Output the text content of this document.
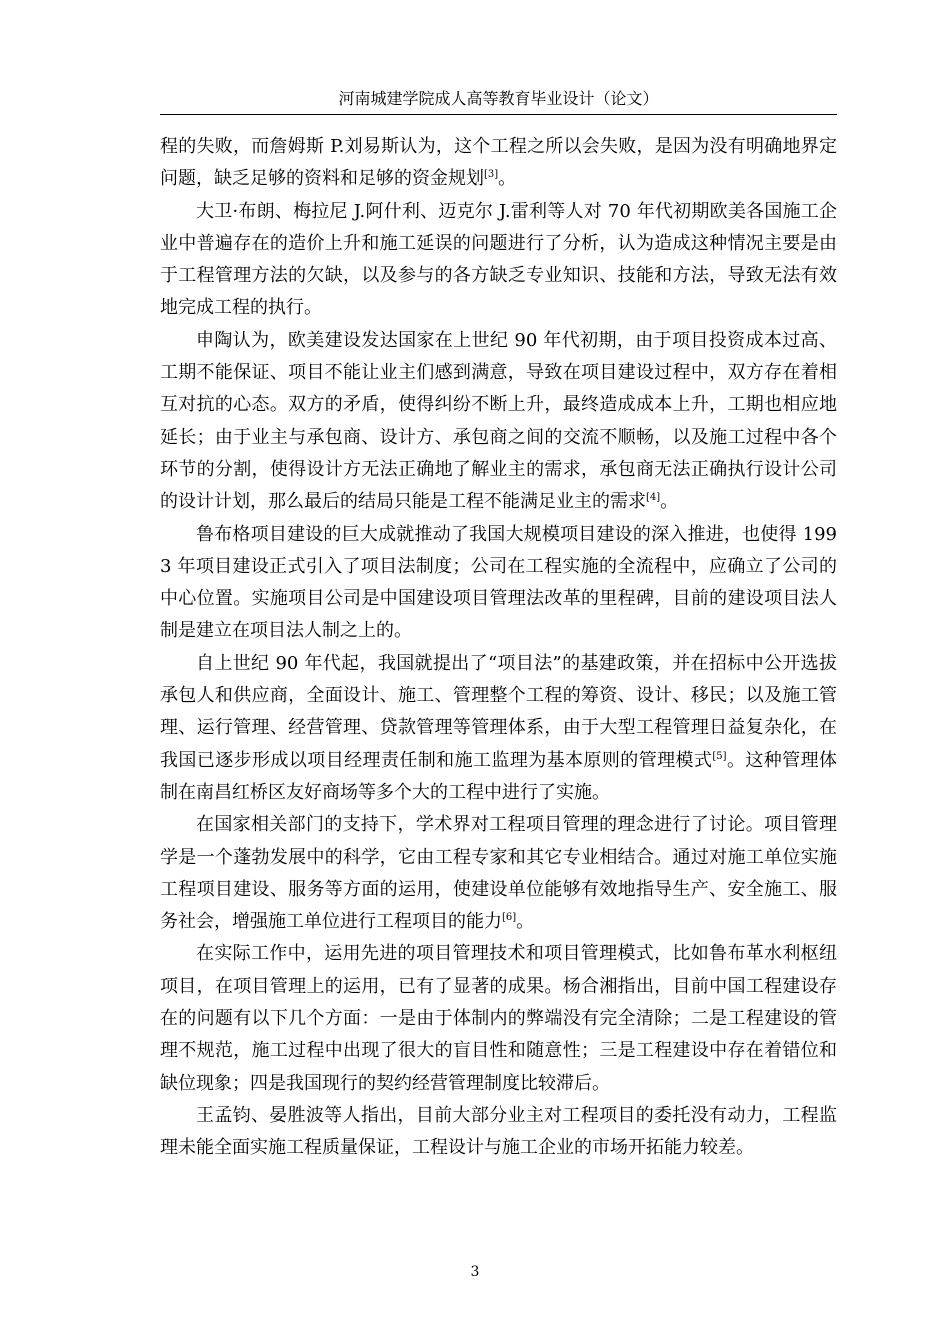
河南城建学院成人高等教育毕业设计（论文）

程的失败，而詹姆斯 P.刘易斯认为，这个工程之所以会失败，是因为没有明确地界定问题，缺乏足够的资料和足够的资金规划[3]。

大卫·布朗、梅拉尼 J.阿什利、迈克尔 J.雷利等人对 70 年代初期欧美各国施工企业中普遍存在的造价上升和施工延误的问题进行了分析，认为造成这种情况主要是由于工程管理方法的欠缺，以及参与的各方缺乏专业知识、技能和方法，导致无法有效地完成工程的执行。

申陶认为，欧美建设发达国家在上世纪 90 年代初期，由于项目投资成本过高、工期不能保证、项目不能让业主们感到满意，导致在项目建设过程中，双方存在着相互对抗的心态。双方的矛盾，使得纠纷不断上升，最终造成成本上升，工期也相应地延长；由于业主与承包商、设计方、承包商之间的交流不顺畅，以及施工过程中各个环节的分割，使得设计方无法正确地了解业主的需求，承包商无法正确执行设计公司的设计计划，那么最后的结局只能是工程不能满足业主的需求[4]。

鲁布格项目建设的巨大成就推动了我国大规模项目建设的深入推进，也使得 1993 年项目建设正式引入了项目法制度；公司在工程实施的全流程中，应确立了公司的中心位置。实施项目公司是中国建设项目管理法改革的里程碑，目前的建设项目法人制是建立在项目法人制之上的。

自上世纪 90 年代起，我国就提出了“项目法”的基建政策，并在招标中公开选拔承包人和供应商，全面设计、施工、管理整个工程的筹资、设计、移民；以及施工管理、运行管理、经营管理、贷款管理等管理体系，由于大型工程管理日益复杂化，在我国已逐步形成以项目经理责任制和施工监理为基本原则的管理模式[5]。这种管理体制在南昌红桥区友好商场等多个大的工程中进行了实施。

在国家相关部门的支持下，学术界对工程项目管理的理念进行了讨论。项目管理学是一个蓬勃发展中的科学，它由工程专家和其它专业相结合。通过对施工单位实施工程项目建设、服务等方面的运用，使建设单位能够有效地指导生产、安全施工、服务社会，增强施工单位进行工程项目的能力[6]。

在实际工作中，运用先进的项目管理技术和项目管理模式，比如鲁布革水利枢纽项目，在项目管理上的运用，已有了显著的成果。杨合湘指出，目前中国工程建设存在的问题有以下几个方面：一是由于体制内的弊端没有完全清除；二是工程建设的管理不规范，施工过程中出现了很大的盲目性和随意性；三是工程建设中存在着错位和缺位现象；四是我国现行的契约经营管理制度比较滞后。

王孟钧、晏胜波等人指出，目前大部分业主对工程项目的委托没有动力，工程监理未能全面实施工程质量保证，工程设计与施工企业的市场开拓能力较差。

3
